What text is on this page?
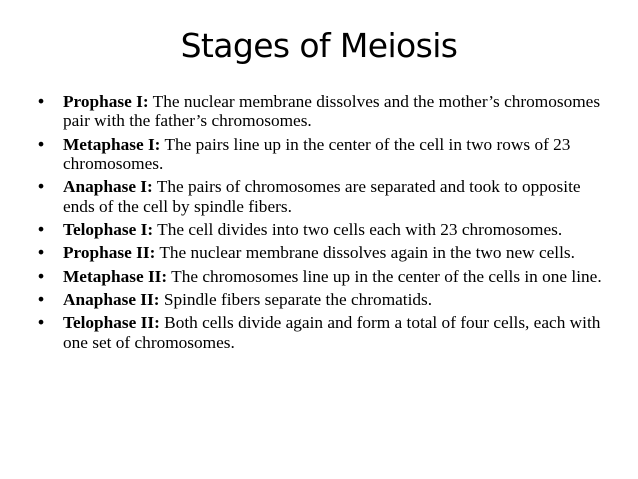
Stages of Meiosis
• Prophase I: The nuclear membrane dissolves and the mother’s chromosomes pair with the father’s chromosomes.
• Metaphase I: The pairs line up in the center of the cell in two rows of 23 chromosomes.
• Anaphase I: The pairs of chromosomes are separated and took to opposite ends of the cell by spindle fibers.
• Telophase I: The cell divides into two cells each with 23 chromosomes.
• Prophase II: The nuclear membrane dissolves again in the two new cells.
• Metaphase II: The chromosomes line up in the center of the cells in one line.
• Anaphase II: Spindle fibers separate the chromatids.
• Telophase II: Both cells divide again and form a total of four cells, each with one set of chromosomes.
